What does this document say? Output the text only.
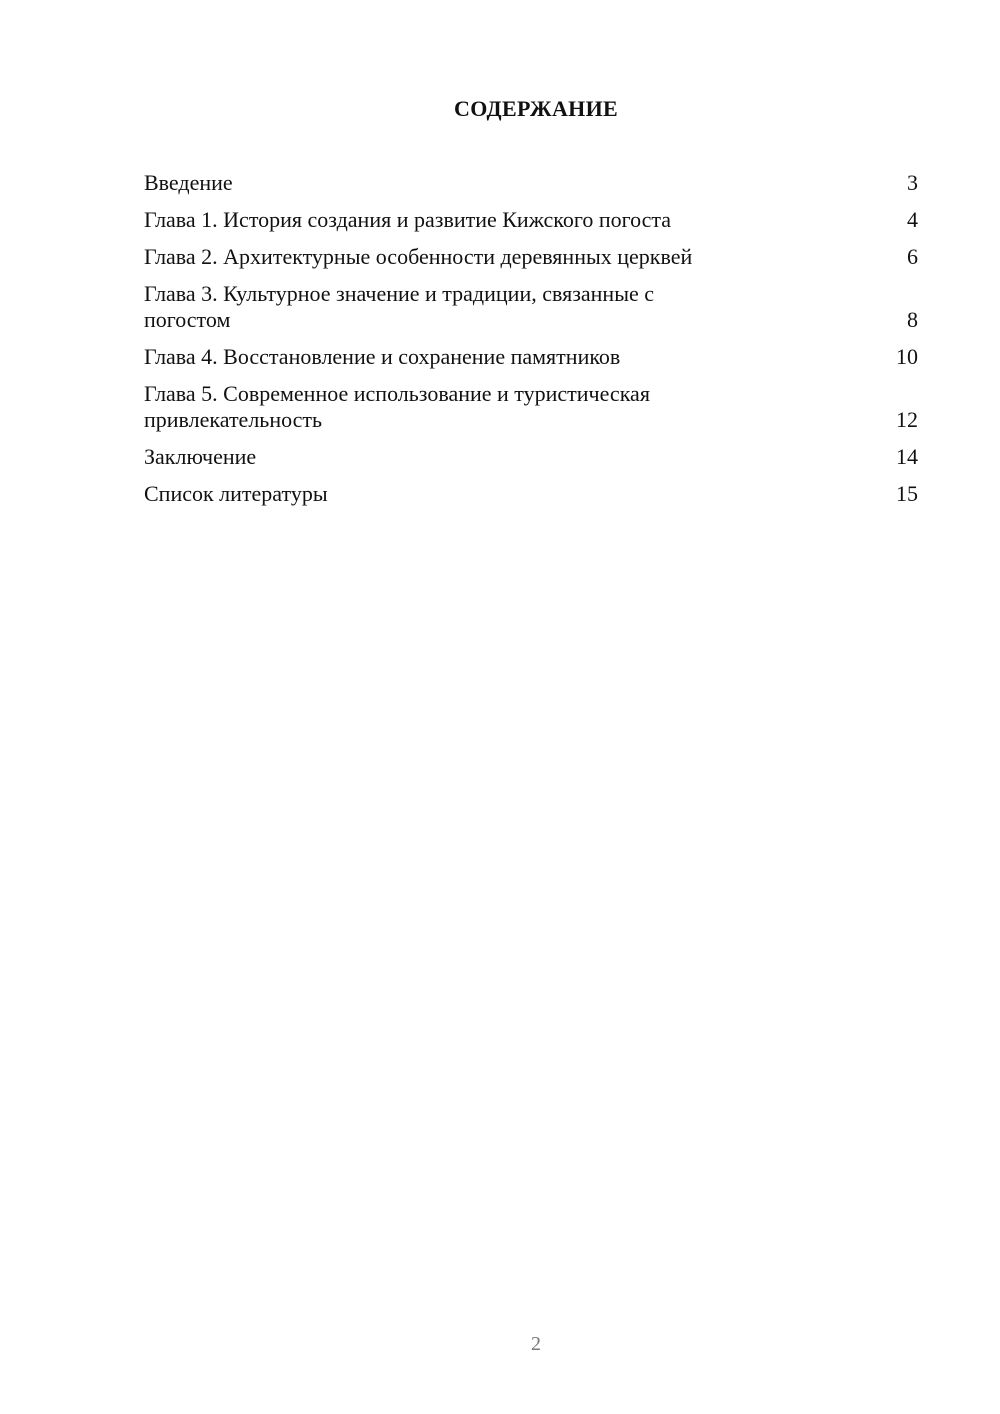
СОДЕРЖАНИЕ
Введение	3
Глава 1. История создания и развитие Кижского погоста	4
Глава 2. Архитектурные особенности деревянных церквей	6
Глава 3. Культурное значение и традиции, связанные с погостом	8
Глава 4. Восстановление и сохранение памятников	10
Глава 5. Современное использование и туристическая привлекательность	12
Заключение	14
Список литературы	15
2
